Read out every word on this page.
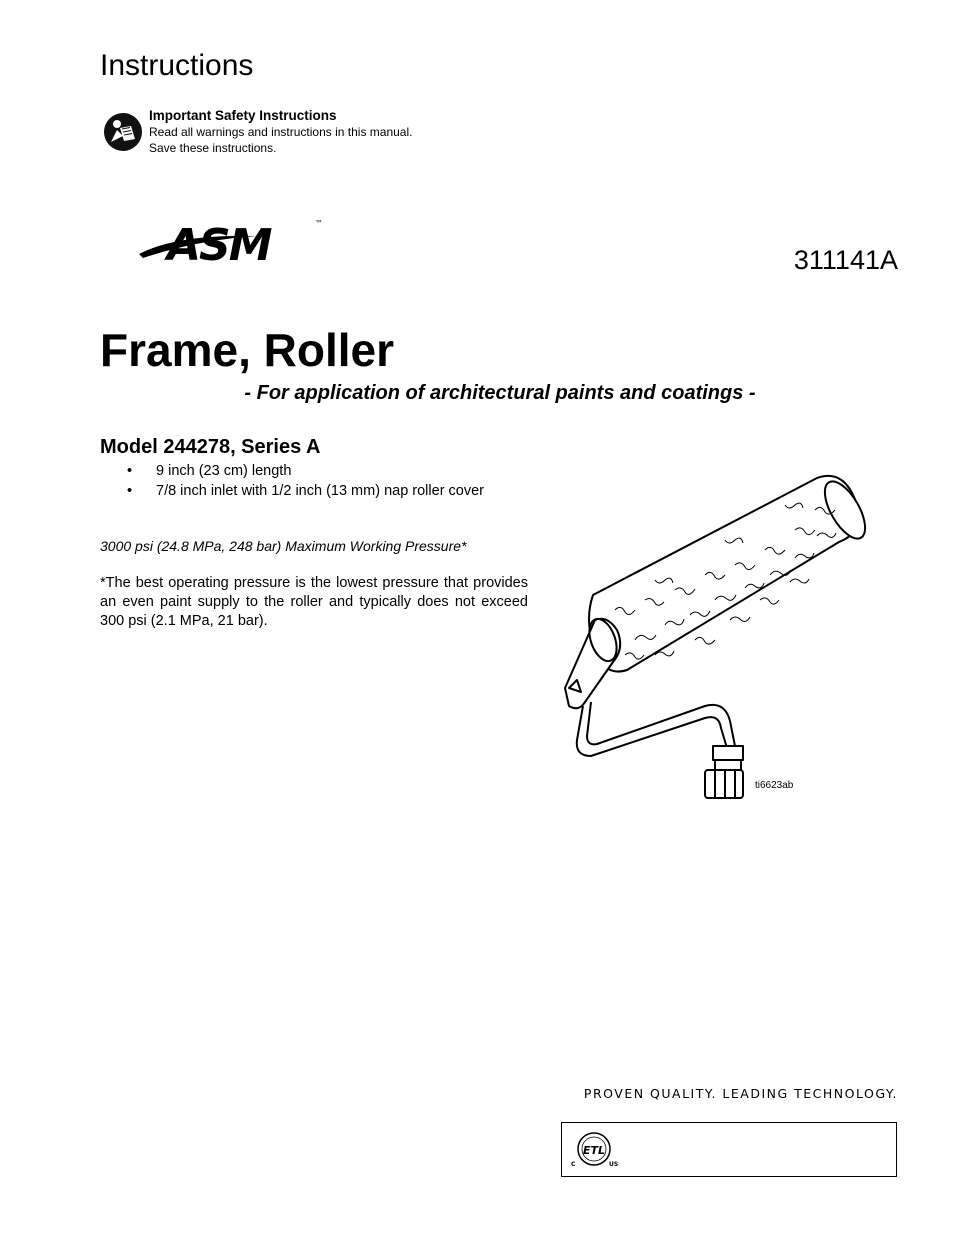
Instructions
Important Safety Instructions
Read all warnings and instructions in this manual.
Save these instructions.
ASM	™
311141A
Frame, Roller
- For application of architectural paints and coatings -
Model 244278, Series A
• 9 inch (23 cm) length
• 7/8 inch inlet with 1/2 inch (13 mm) nap roller cover
3000 psi (24.8 MPa, 248 bar) Maximum Working Pressure*
*The best operating pressure is the lowest pressure that provides an even paint supply to the roller and typically does not exceed 300 psi (2.1 MPa, 21 bar).
ti6623ab
PROVEN QUALITY. LEADING TECHNOLOGY.
ETL
C	US
